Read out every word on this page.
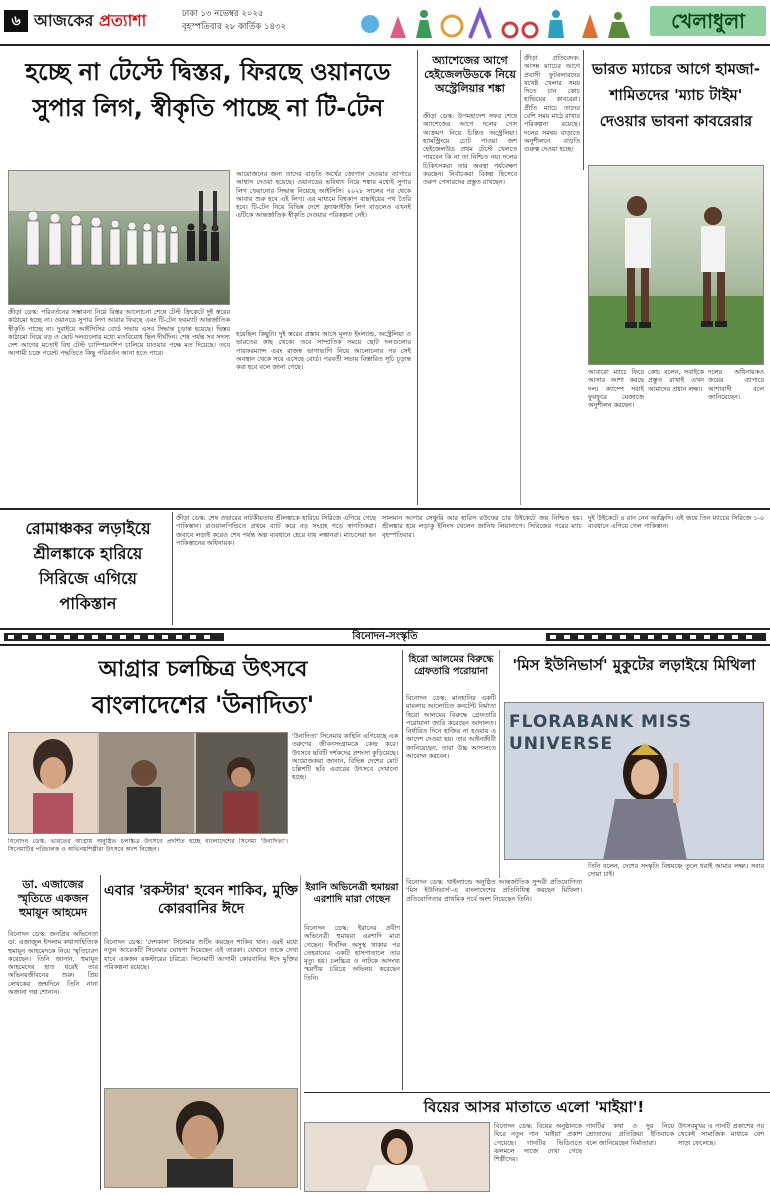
৬ আজকের প্রত্যাশা	ঢাকা ১৩ নভেম্বর ২০২৫
বৃহস্পতিবার ২৮ কার্তিক ১৪৩২	খেলাধুলা
হচ্ছে না টেস্টে দ্বিস্তর, ফিরছে ওয়ানডে সুপার লিগ, স্বীকৃতি পাচ্ছে না টি-টেন
ক্রীড়া ডেস্ক: পরিবর্তনের সম্ভাবনা নিয়ে বিস্তর আলোচনা শেষে টেস্ট ক্রিকেটে দুই স্তরের কাঠামো হচ্ছে না। ওয়ানডে সুপার লিগ আবার ফিরছে এবং টি-টেন ফরম্যাট আন্তর্জাতিক স্বীকৃতি পাচ্ছে না। দুবাইয়ে আইসিসির বোর্ড সভায় এসব সিদ্ধান্ত চূড়ান্ত হয়েছে। দ্বিস্তর কাঠামো নিয়ে বড় ও ছোট দলগুলোর মধ্যে মতবিরোধ ছিল দীর্ঘদিন। শেষ পর্যন্ত সব সদস্য দেশ আগের মতোই বিশ্ব টেস্ট চ্যাম্পিয়নশিপ চালিয়ে যাওয়ার পক্ষে মত দিয়েছে। তবে আগামী চক্রে পয়েন্ট পদ্ধতিতে কিছু পরিবর্তন আনা হতে পারে।
আয়োজনের জন্য তাদের বাড়তি অর্থের জোগান দেওয়ার ব্যাপারে আশ্বাস দেওয়া হয়েছে। ওয়ানডের ভবিষ্যৎ নিয়ে শঙ্কার মধ্যেই সুপার লিগ ফেরানোর সিদ্ধান্ত নিয়েছে আইসিসি। ২০২৮ সালের পর থেকে আবার শুরু হবে এই লিগ। এর মাধ্যমে বিশ্বকাপ বাছাইয়ের পথ তৈরি হবে। টি-টেন নিয়ে বিভিন্ন দেশে ফ্র্যাঞ্চাইজি লিগ বাড়লেও এখনই এটিকে আন্তর্জাতিক স্বীকৃতি দেওয়ার পরিকল্পনা নেই।
হয়েছিল কিছুটা। দুই স্তরের প্রস্তাব আসে মূলত ইংল্যান্ড, অস্ট্রেলিয়া ও ভারতের কাছ থেকে। তবে সাম্প্রতিক সময়ে ছোট দলগুলোর পারফরম্যান্স এবং রাজস্ব ভাগাভাগি নিয়ে আলোচনার পর সেই অবস্থান থেকে সরে এসেছে বোর্ড। পরবর্তী সভায় বিস্তারিত সূচি চূড়ান্ত করা হবে বলে জানা গেছে।
অ্যাশেজের আগে হেইজেলউডকে নিয়ে অস্ট্রেলিয়ার শঙ্কা
ক্রীড়া ডেস্ক: উপমহাদেশ সফর শেষে অ্যাশেজের আগে দলের পেস আক্রমণ নিয়ে চিন্তিত অস্ট্রেলিয়া। হ্যামস্ট্রিংয়ে চোট পাওয়া জশ হেইজেলউড প্রথম টেস্টে খেলতে পারবেন কি না তা নিশ্চিত নয়। দলের চিকিৎসকরা তার অবস্থা পর্যবেক্ষণ করছেন। নির্বাচকরা বিকল্প হিসেবে তরুণ পেসারদের প্রস্তুত রাখছেন।
ক্রীড়া প্রতিবেদক: আসন্ন ম্যাচের আগে প্রবাসী ফুটবলারদের যথেষ্ট খেলার সময় দিতে চান কোচ হাভিয়ের কাবরেরা। প্রীতি ম্যাচে তাদের বেশি সময় মাঠে রাখার পরিকল্পনা রয়েছে। দলের সমন্বয় বাড়াতে অনুশীলনে বাড়তি গুরুত্ব দেওয়া হচ্ছে।
ভারত ম্যাচের আগে হামজা-শামিতদের 'ম্যাচ টাইম' দেওয়ার ভাবনা কাবরেরার
আবারো ম্যাচে ফিরে আসার আশা করছে দল। ক্যাম্পে সবাই ফুরফুরে মেজাজে অনুশীলন করছেন।
কোচ বলেন, সবাইকে প্রস্তুত রাখাই এখন আমাদের প্রধান লক্ষ্য।
দলের অধিনায়কও জয়ের ব্যাপারে আশাবাদী বলে জানিয়েছেন।
রোমাঞ্চকর লড়াইয়ে শ্রীলঙ্কাকে হারিয়ে সিরিজে এগিয়ে পাকিস্তান
ক্রীড়া ডেস্ক: শেষ ওভারের নাটকীয়তায় শ্রীলঙ্কাকে হারিয়ে সিরিজে এগিয়ে গেছে পাকিস্তান। রাওয়ালপিন্ডিতে প্রথমে ব্যাট করে বড় সংগ্রহ গড়ে স্বাগতিকরা। জবাবে লড়াই করেও শেষ পর্যন্ত অল্প ব্যবধানে হেরে যায় লঙ্কানরা। ম্যাচসেরা হন পাকিস্তানের অধিনায়ক।
সালমান আগার সেঞ্চুরি আর হারিস রউফের চার উইকেটে জয় নিশ্চিত হয়। শ্রীলঙ্কার হয়ে লড়াকু ইনিংস খেলেন জানিথ লিয়ানাগে। সিরিজের পরের ম্যাচ বৃহস্পতিবার।
দুই উইকেটে ৪ রান নেন আফ্রিদি। এই জয়ে তিন ম্যাচের সিরিজে ১-০ ব্যবধানে এগিয়ে গেল পাকিস্তান।
বিনোদন-সংস্কৃতি
আগ্রার চলচ্চিত্র উৎসবে
বাংলাদেশের 'উনাদিত্য'
'উনাদিত্য' সিনেমার কাহিনি এগিয়েছে এক তরুণের জীবনসংগ্রামকে কেন্দ্র করে। উৎসবে ছবিটি দর্শকদের প্রশংসা কুড়িয়েছে। আয়োজকরা জানান, বিভিন্ন দেশের মোট চল্লিশটি ছবি এবারের উৎসবে দেখানো হচ্ছে।
বিনোদন ডেস্ক: ভারতের আগ্রায় অনুষ্ঠিত চলচ্চিত্র উৎসবে প্রদর্শিত হচ্ছে বাংলাদেশের সিনেমা 'উনাদিত্য'। সিনেমাটির পরিচালক ও অভিনয়শিল্পীরা উৎসবে অংশ নিচ্ছেন।
হিরো আলমের বিরুদ্ধে গ্রেফতারি পরোয়ানা
বিনোদন ডেস্ক: মানহানির একটি মামলায় আলোচিত কনটেন্ট নির্মাতা হিরো আলমের বিরুদ্ধে গ্রেফতারি পরোয়ানা জারি করেছেন আদালত। নির্ধারিত দিনে হাজির না হওয়ায় এ আদেশ দেওয়া হয়। তার আইনজীবী জানিয়েছেন, তারা উচ্চ আদালতে আবেদন করবেন।
'মিস ইউনিভার্স' মুকুটের লড়াইয়ে মিথিলা
FLORABANK MISS UNIVERSE
ডা. এজাজের স্মৃতিতে একজন হুমায়ূন আহমেদ
বিনোদন ডেস্ক: জনপ্রিয় অভিনেতা ডা. এজাজুল ইসলাম কথাসাহিত্যিক হুমায়ূন আহমেদকে নিয়ে স্মৃতিচারণ করেছেন। তিনি জানান, হুমায়ূন আহমেদের হাত ধরেই তার অভিনয়জীবনের শুরু। প্রিয় লেখকের জন্মদিনে তিনি নানা অজানা গল্প শোনান।
এবার 'রকস্টার' হবেন শাকিব, মুক্তি কোরবানির ঈদে
বিনোদন ডেস্ক: 'দেশকাল' সিনেমার শুটিং করছেন শাকিব খান। এরই মধ্যে নতুন আরেকটি সিনেমার ঘোষণা দিয়েছেন এই তারকা। যেখানে তাকে দেখা যাবে একজন রকস্টারের চরিত্রে। সিনেমাটি আগামী কোরবানির ঈদে মুক্তির পরিকল্পনা রয়েছে।
ইরানি অভিনেত্রী হুমায়রা এরশাদি মারা গেছেন
বিনোদন ডেস্ক: ইরানের প্রবীণ অভিনেত্রী হুমায়রা এরশাদি মারা গেছেন। দীর্ঘদিন অসুস্থ থাকার পর তেহরানের একটি হাসপাতালে তার মৃত্যু হয়। চলচ্চিত্র ও নাটকে অসংখ্য স্মরণীয় চরিত্রে অভিনয় করেছেন তিনি।
বিনোদন ডেস্ক: থাইল্যান্ডে অনুষ্ঠিত আন্তর্জাতিক সুন্দরী প্রতিযোগিতা 'মিস ইউনিভার্স'-এ বাংলাদেশের প্রতিনিধিত্ব করছেন মিথিলা। প্রতিযোগিতার প্রাথমিক পর্বে অংশ নিয়েছেন তিনি।
তিনি বলেন, দেশের সংস্কৃতি বিশ্বমঞ্চে তুলে ধরাই আমার লক্ষ্য। সবার দোয়া চাই।
বিয়ের আসর মাতাতে এলো 'মাইয়া'!
বিনোদন ডেস্ক: বিয়ের অনুষ্ঠানকে ঘিরে নতুন গান 'মাইয়া' প্রকাশ পেয়েছে। গানটির ভিডিওতে ঝলমলে সাজে দেখা গেছে শিল্পীদের।
গানটির কথা ও সুর নিয়ে শ্রোতাদের প্রতিক্রিয়া ইতিবাচক বলে জানিয়েছেন নির্মাতারা।
উৎসবমুখর এ গানটি প্রকাশের পর থেকেই সামাজিক মাধ্যমে বেশ সাড়া ফেলেছে।
